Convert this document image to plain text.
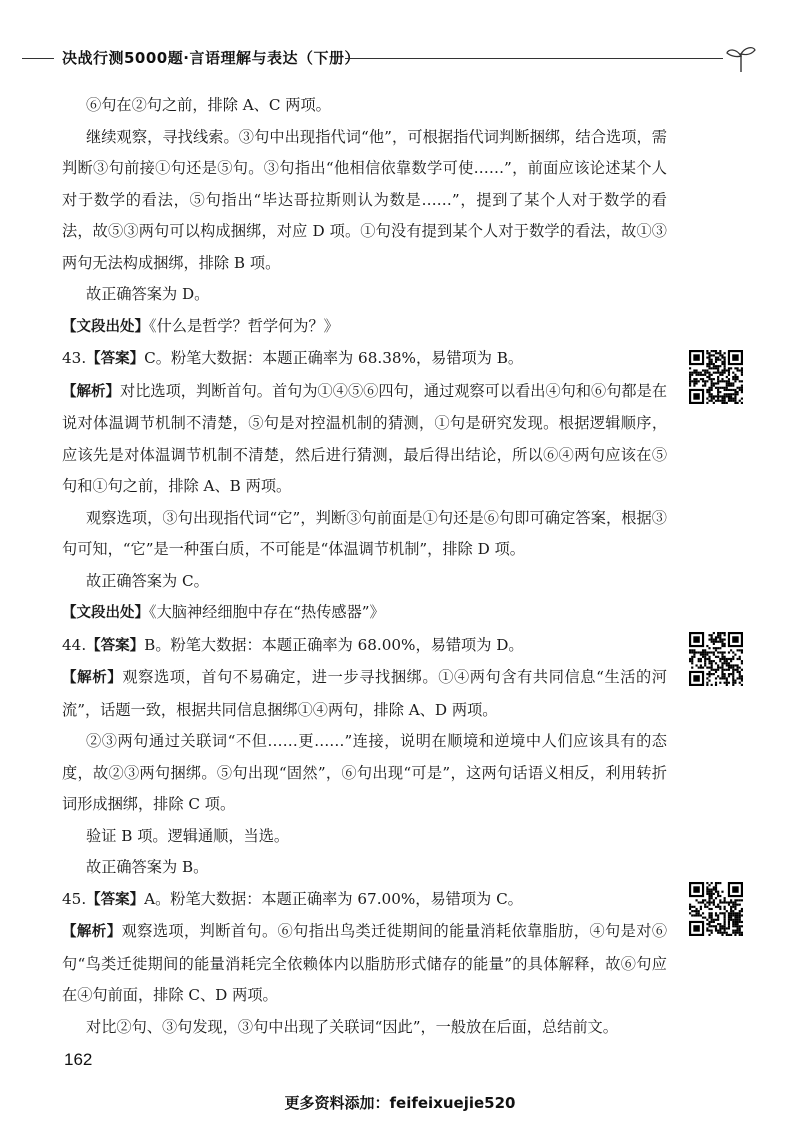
决战行测5000题·言语理解与表达（下册）

⑥句在②句之前，排除 A、C 两项。

继续观察，寻找线索。③句中出现指代词“他”，可根据指代词判断捆绑，结合选项，需判断③句前接①句还是⑤句。③句指出“他相信依靠数学可使……”，前面应该论述某个人对于数学的看法，⑤句指出“毕达哥拉斯则认为数是……”，提到了某个人对于数学的看法，故⑤③两句可以构成捆绑，对应 D 项。①句没有提到某个人对于数学的看法，故①③两句无法构成捆绑，排除 B 项。

故正确答案为 D。

【文段出处】《什么是哲学？哲学何为？》

43.【答案】C。粉笔大数据：本题正确率为 68.38%，易错项为 B。

【解析】对比选项，判断首句。首句为①④⑤⑥四句，通过观察可以看出④句和⑥句都是在说对体温调节机制不清楚，⑤句是对控温机制的猜测，①句是研究发现。根据逻辑顺序，应该先是对体温调节机制不清楚，然后进行猜测，最后得出结论，所以⑥④两句应该在⑤句和①句之前，排除 A、B 两项。

观察选项，③句出现指代词“它”，判断③句前面是①句还是⑥句即可确定答案，根据③句可知，“它”是一种蛋白质，不可能是“体温调节机制”，排除 D 项。

故正确答案为 C。

【文段出处】《大脑神经细胞中存在“热传感器”》

44.【答案】B。粉笔大数据：本题正确率为 68.00%，易错项为 D。

【解析】观察选项，首句不易确定，进一步寻找捆绑。①④两句含有共同信息“生活的河流”，话题一致，根据共同信息捆绑①④两句，排除 A、D 两项。

②③两句通过关联词“不但……更……”连接，说明在顺境和逆境中人们应该具有的态度，故②③两句捆绑。⑤句出现“固然”，⑥句出现“可是”，这两句话语义相反，利用转折词形成捆绑，排除 C 项。

验证 B 项。逻辑通顺，当选。

故正确答案为 B。

45.【答案】A。粉笔大数据：本题正确率为 67.00%，易错项为 C。

【解析】观察选项，判断首句。⑥句指出鸟类迁徙期间的能量消耗依靠脂肪，④句是对⑥句“鸟类迁徙期间的能量消耗完全依赖体内以脂肪形式储存的能量”的具体解释，故⑥句应在④句前面，排除 C、D 两项。

对比②句、③句发现，③句中出现了关联词“因此”，一般放在后面，总结前文。

162
更多资料添加：feifeixuejie520
